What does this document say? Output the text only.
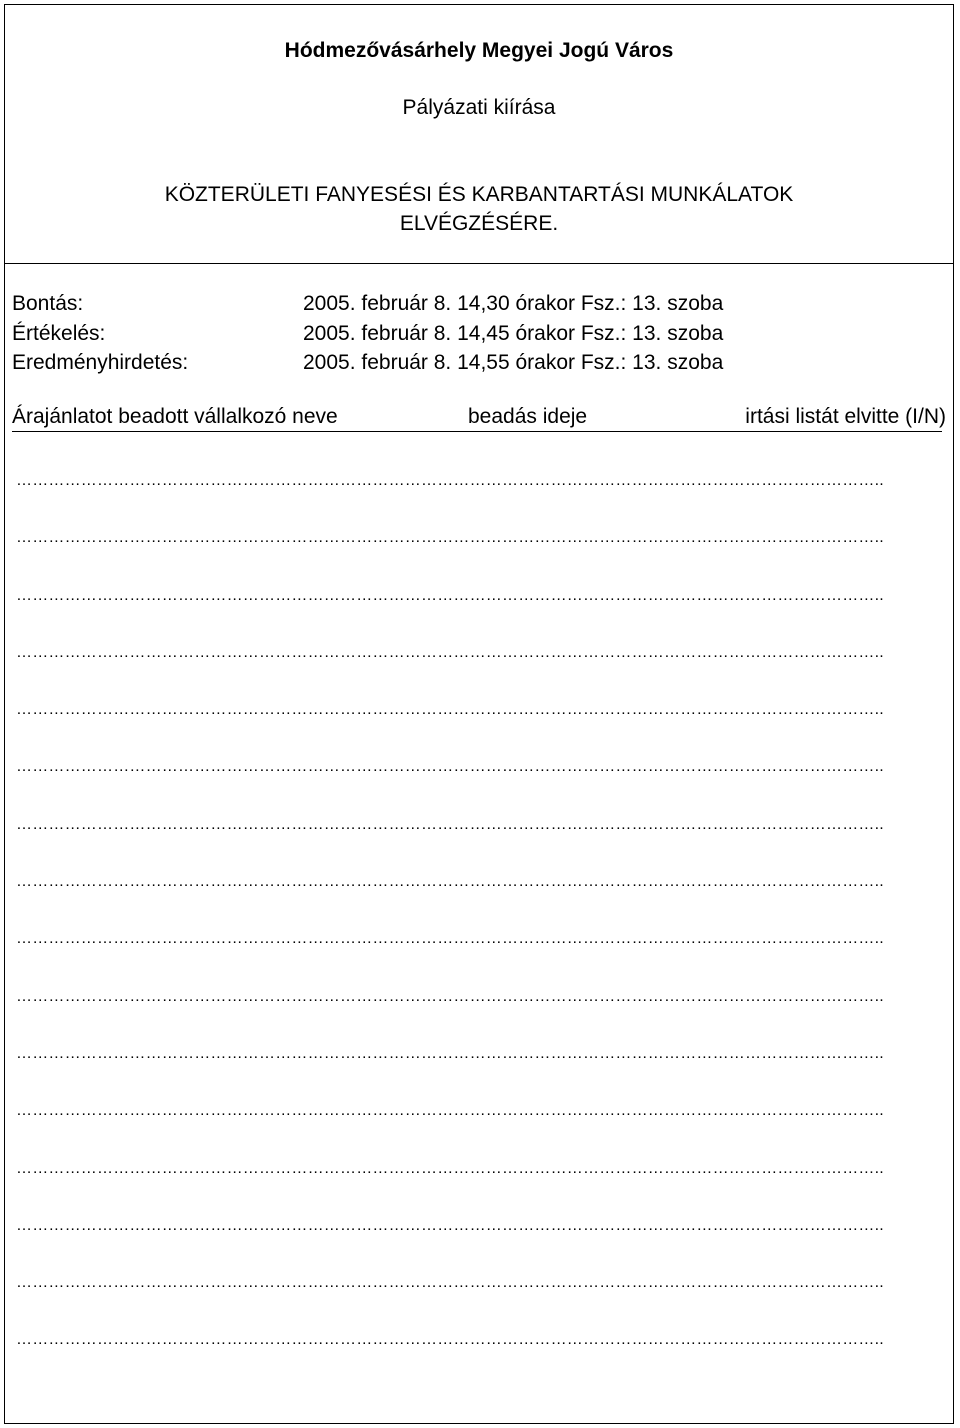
Hódmezővásárhely Megyei Jogú Város
Pályázati kiírása
KÖZTERÜLETI FANYESÉSI ÉS KARBANTARTÁSI MUNKÁLATOK
ELVÉGZÉSÉRE.
Bontás:	2005. február 8. 14,30 órakor Fsz.: 13. szoba
Értékelés:	2005. február 8. 14,45 órakor Fsz.: 13. szoba
Eredményhirdetés:	2005. február 8. 14,55 órakor Fsz.: 13. szoba
Árajánlatot beadott vállalkozó neve	beadás ideje	irtási listát elvitte (I/N)
……………………………………………………………………………………………………………………………………………..
……………………………………………………………………………………………………………………………………………..
……………………………………………………………………………………………………………………………………………..
……………………………………………………………………………………………………………………………………………..
……………………………………………………………………………………………………………………………………………..
……………………………………………………………………………………………………………………………………………..
……………………………………………………………………………………………………………………………………………..
……………………………………………………………………………………………………………………………………………..
……………………………………………………………………………………………………………………………………………..
……………………………………………………………………………………………………………………………………………..
……………………………………………………………………………………………………………………………………………..
……………………………………………………………………………………………………………………………………………..
……………………………………………………………………………………………………………………………………………..
……………………………………………………………………………………………………………………………………………..
……………………………………………………………………………………………………………………………………………..
……………………………………………………………………………………………………………………………………………..
